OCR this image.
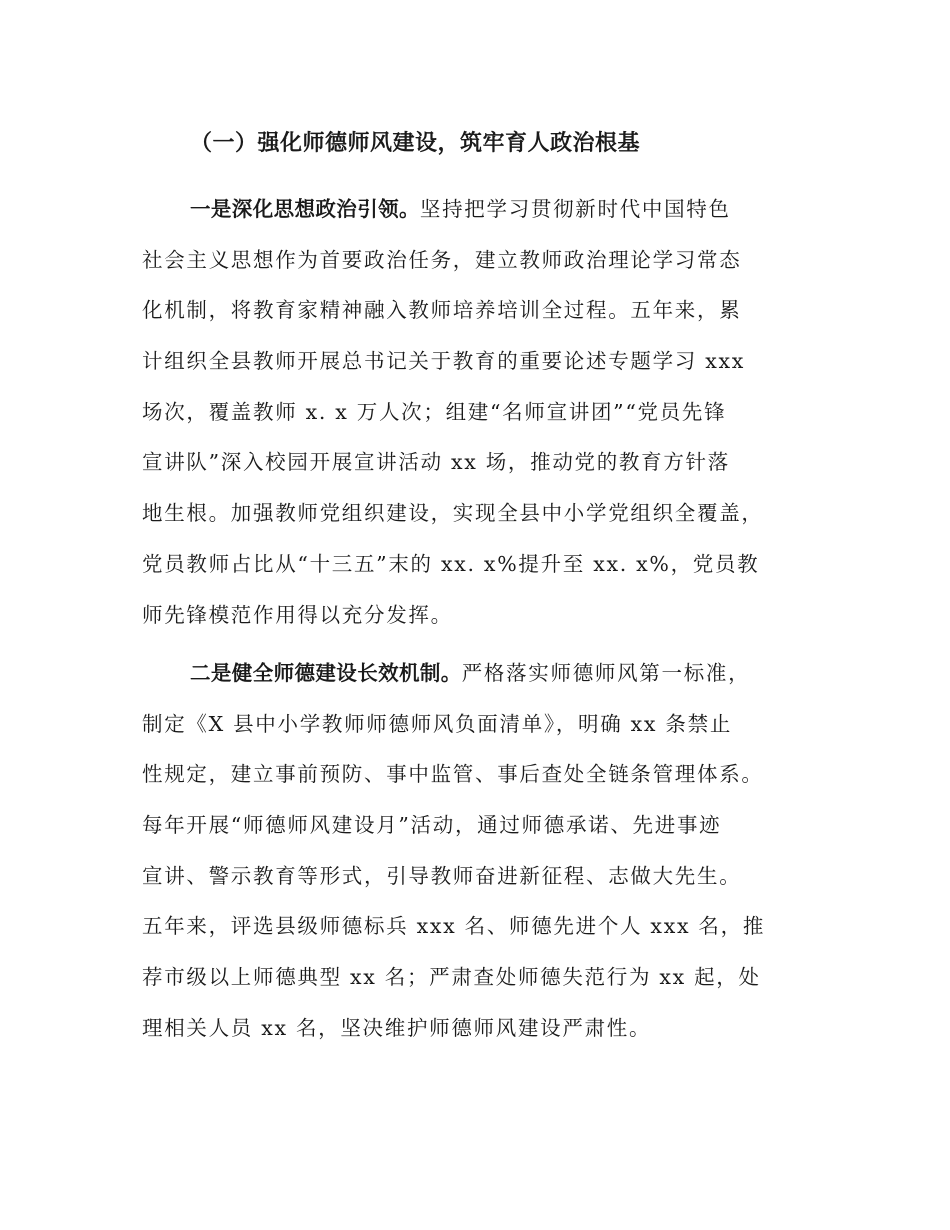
（一）强化师德师风建设，筑牢育人政治根基
一是深化思想政治引领。坚持把学习贯彻新时代中国特色
社会主义思想作为首要政治任务，建立教师政治理论学习常态
化机制，将教育家精神融入教师培养培训全过程。五年来，累
计组织全县教师开展总书记关于教育的重要论述专题学习 xxx
场次，覆盖教师 x. x 万人次；组建“名师宣讲团”“党员先锋
宣讲队”深入校园开展宣讲活动 xx 场，推动党的教育方针落
地生根。加强教师党组织建设，实现全县中小学党组织全覆盖，
党员教师占比从“十三五”末的 xx. x%提升至 xx. x%，党员教
师先锋模范作用得以充分发挥。
二是健全师德建设长效机制。严格落实师德师风第一标准，
制定《X 县中小学教师师德师风负面清单》，明确 xx 条禁止
性规定，建立事前预防、事中监管、事后查处全链条管理体系。
每年开展“师德师风建设月”活动，通过师德承诺、先进事迹
宣讲、警示教育等形式，引导教师奋进新征程、志做大先生。
五年来，评选县级师德标兵 xxx 名、师德先进个人 xxx 名，推
荐市级以上师德典型 xx 名；严肃查处师德失范行为 xx 起，处
理相关人员 xx 名，坚决维护师德师风建设严肃性。
